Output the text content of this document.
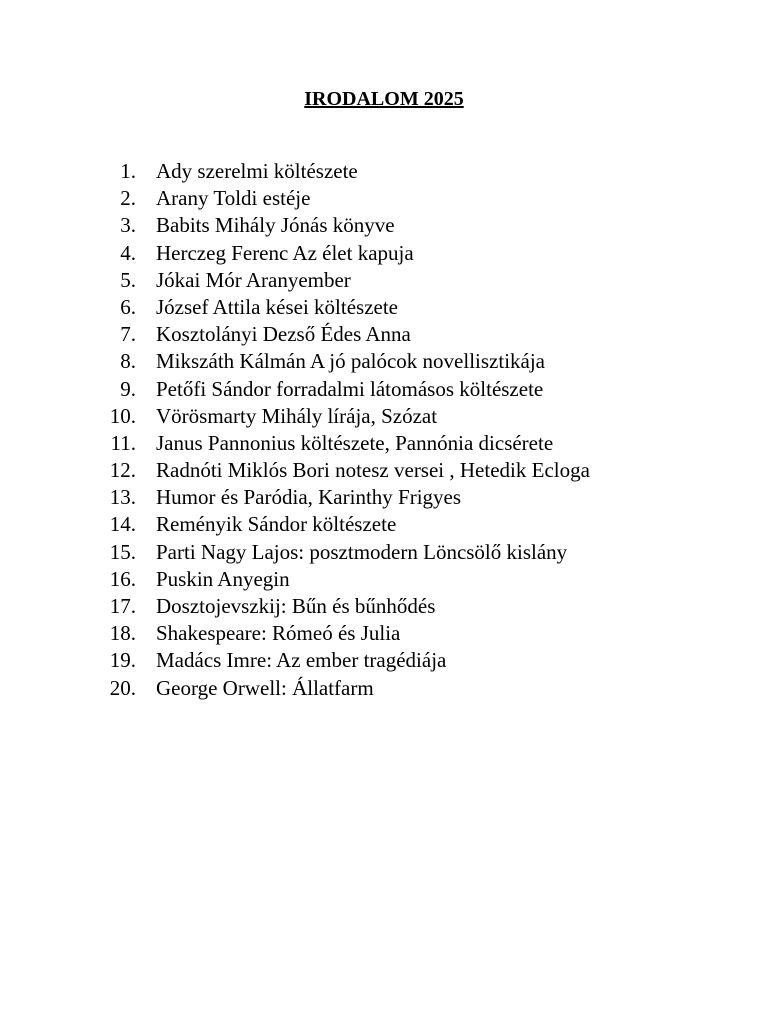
IRODALOM 2025
1. Ady szerelmi költészete
2. Arany Toldi estéje
3. Babits Mihály Jónás könyve
4. Herczeg Ferenc Az élet kapuja
5. Jókai Mór Aranyember
6. József Attila kései költészete
7. Kosztolányi Dezső Édes Anna
8. Mikszáth Kálmán A jó palócok novellisztikája
9. Petőfi Sándor forradalmi látomásos költészete
10. Vörösmarty Mihály lírája, Szózat
11. Janus Pannonius költészete, Pannónia dicsérete
12. Radnóti Miklós Bori notesz versei , Hetedik Ecloga
13. Humor és Paródia, Karinthy Frigyes
14. Reményik Sándor költészete
15. Parti Nagy Lajos: posztmodern Löncsölő kislány
16. Puskin Anyegin
17. Dosztojevszkij: Bűn és bűnhődés
18. Shakespeare: Rómeó és Julia
19. Madács Imre: Az ember tragédiája
20. George Orwell: Állatfarm
